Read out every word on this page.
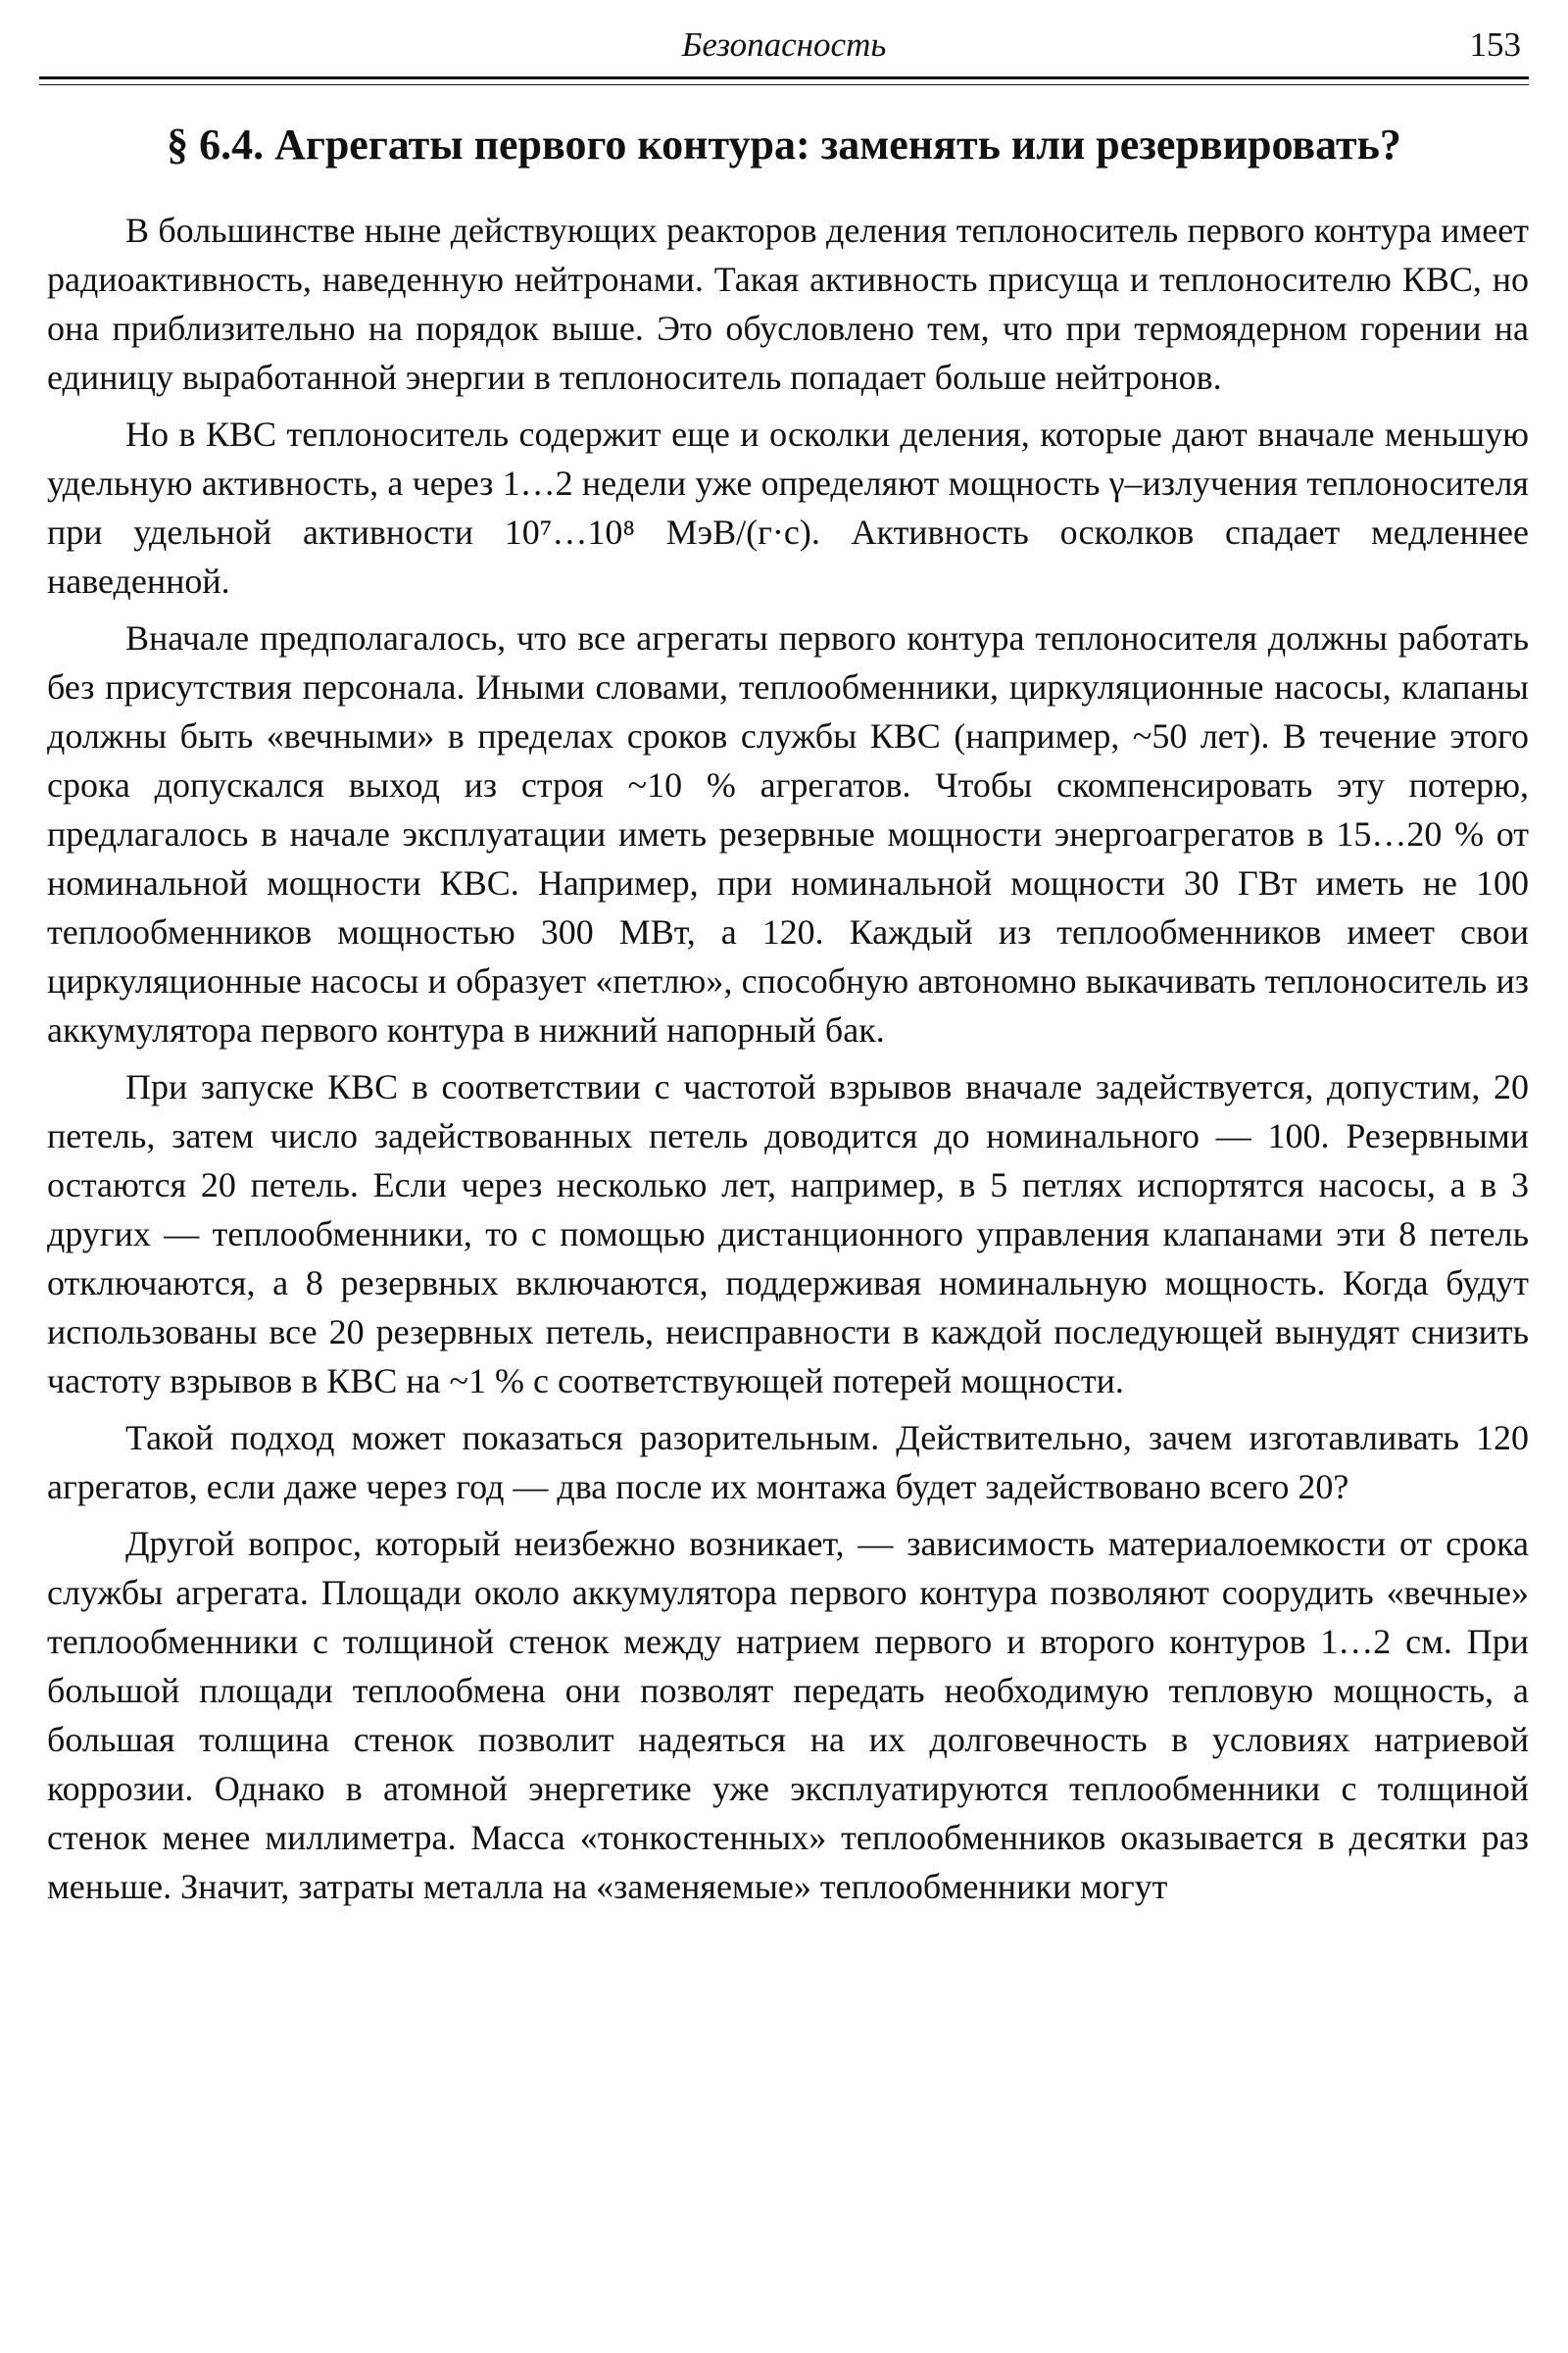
Безопасность	153
§ 6.4. Агрегаты первого контура: заменять или резервировать?

В большинстве ныне действующих реакторов деления теплоноситель первого контура имеет радиоактивность, наведенную нейтронами. Такая активность присуща и теплоносителю КВС, но она приблизительно на порядок выше. Это обусловлено тем, что при термоядерном горении на единицу выработанной энергии в теплоноситель попадает больше нейтронов.

Но в КВС теплоноситель содержит еще и осколки деления, которые дают вначале меньшую удельную активность, а через 1…2 недели уже определяют мощность γ–излучения теплоносителя при удельной активности 10⁷…10⁸ МэВ/(г·с). Активность осколков спадает медленнее наведенной.

Вначале предполагалось, что все агрегаты первого контура теплоносителя должны работать без присутствия персонала. Иными словами, теплообменники, циркуляционные насосы, клапаны должны быть «вечными» в пределах сроков службы КВС (например, ~50 лет). В течение этого срока допускался выход из строя ~10 % агрегатов. Чтобы скомпенсировать эту потерю, предлагалось в начале эксплуатации иметь резервные мощности энергоагрегатов в 15…20 % от номинальной мощности КВС. Например, при номинальной мощности 30 ГВт иметь не 100 теплообменников мощностью 300 МВт, а 120. Каждый из теплообменников имеет свои циркуляционные насосы и образует «петлю», способную автономно выкачивать теплоноситель из аккумулятора первого контура в нижний напорный бак.

При запуске КВС в соответствии с частотой взрывов вначале задействуется, допустим, 20 петель, затем число задействованных петель доводится до номинального — 100. Резервными остаются 20 петель. Если через несколько лет, например, в 5 петлях испортятся насосы, а в 3 других — теплообменники, то с помощью дистанционного управления клапанами эти 8 петель отключаются, а 8 резервных включаются, поддерживая номинальную мощность. Когда будут использованы все 20 резервных петель, неисправности в каждой последующей вынудят снизить частоту взрывов в КВС на ~1 % с соответствующей потерей мощности.

Такой подход может показаться разорительным. Действительно, зачем изготавливать 120 агрегатов, если даже через год — два после их монтажа будет задействовано всего 20?

Другой вопрос, который неизбежно возникает, — зависимость материалоемкости от срока службы агрегата. Площади около аккумулятора первого контура позволяют соорудить «вечные» теплообменники с толщиной стенок между натрием первого и второго контуров 1…2 см. При большой площади теплообмена они позволят передать необходимую тепловую мощность, а большая толщина стенок позволит надеяться на их долговечность в условиях натриевой коррозии. Однако в атомной энергетике уже эксплуатируются теплообменники с толщиной стенок менее миллиметра. Масса «тонкостенных» теплообменников оказывается в десятки раз меньше. Значит, затраты металла на «заменяемые» теплообменники могут
